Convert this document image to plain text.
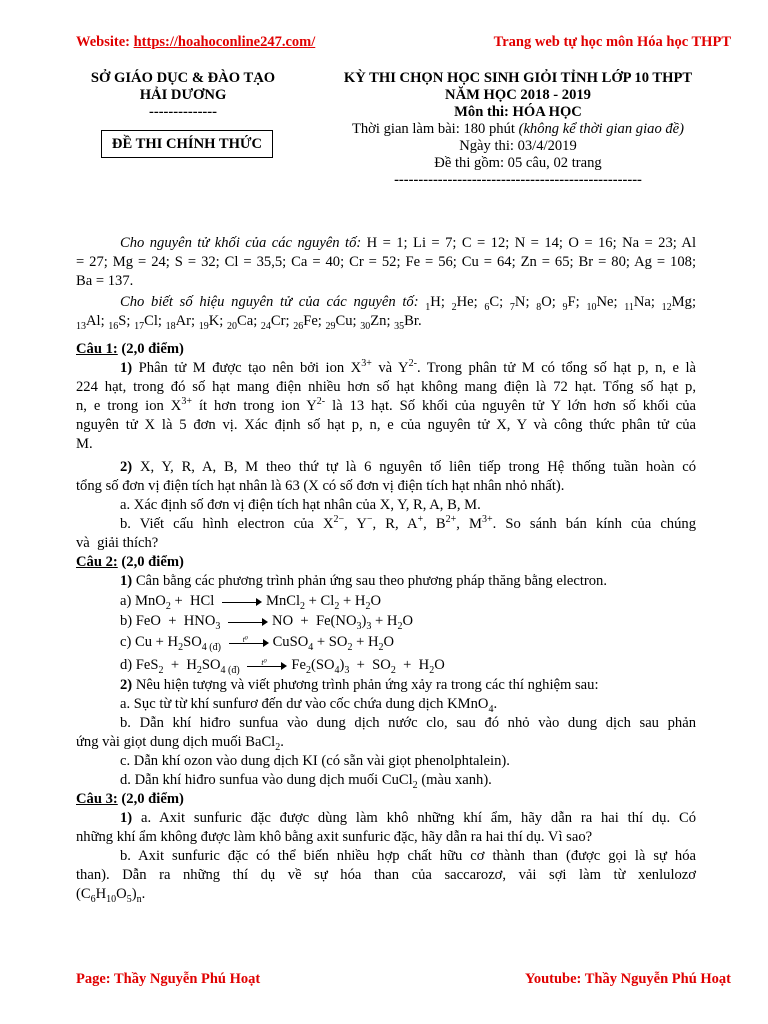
Website: https://hoahoconline247.com/	Trang web tự học môn Hóa học THPT
SỞ GIÁO DỤC & ĐÀO TẠO
HẢI DƯƠNG
--------------
ĐỀ THI CHÍNH THỨC
KỲ THI CHỌN HỌC SINH GIỎI TỈNH LỚP 10 THPT
NĂM HỌC 2018 - 2019
Môn thi: HÓA HỌC
Thời gian làm bài: 180 phút (không kể thời gian giao đề)
Ngày thi: 03/4/2019
Đề thi gồm: 05 câu, 02 trang
---------------------------------------------------
Cho nguyên tử khối của các nguyên tố: H = 1; Li = 7; C = 12; N = 14; O = 16; Na = 23; Al
= 27; Mg = 24; S = 32; Cl = 35,5; Ca = 40; Cr = 52; Fe = 56; Cu = 64; Zn = 65; Br = 80; Ag = 108;
Ba = 137.
Cho biết số hiệu nguyên tử của các nguyên tố: $_1$H; $_2$He; $_6$C; $_7$N; $_8$O; $_9$F; $_{10}$Ne; $_{11}$Na; $_{12}$Mg;
$_{13}$Al; $_{16}$S; $_{17}$Cl; $_{18}$Ar; $_{19}$K; $_{20}$Ca; $_{24}$Cr; $_{26}$Fe; $_{29}$Cu; $_{30}$Zn; $_{35}$Br.
Câu 1: (2,0 điểm)
1) Phân tử M được tạo nên bởi ion $X^{3+}$ và $Y^{2-}$. Trong phân tử M có tổng số hạt p, n, e là
224 hạt, trong đó số hạt mang điện nhiều hơn số hạt không mang điện là 72 hạt. Tổng số hạt p,
n, e trong ion $X^{3+}$ ít hơn trong ion $Y^{2-}$ là 13 hạt. Số khối của nguyên tử Y lớn hơn số khối của
nguyên tử X là 5 đơn vị. Xác định số hạt p, n, e của nguyên tử X, Y và công thức phân tử của
M.
2) X, Y, R, A, B, M theo thứ tự là 6 nguyên tố liên tiếp trong Hệ thống tuần hoàn có
tổng số đơn vị điện tích hạt nhân là 63 (X có số đơn vị điện tích hạt nhân nhỏ nhất).
a. Xác định số đơn vị điện tích hạt nhân của X, Y, R, A, B, M.
b. Viết cấu hình electron của $X^{2-}$, Y−, R, A+, $B^{2+}$, $M^{3+}$. So sánh bán kính của chúng
và  giải thích?
Câu 2: (2,0 điểm)
1) Cân bằng các phương trình phản ứng sau theo phương pháp thăng bằng electron.
a) MnO$_2$ +  HCl	MnCl$_2$ + $Cl_2 + H_2O$
b) FeO  +  $HNO_3$	NO  +  $Fe(NO_3)_3 + H_2O$
c) $Cu + H_2SO_{4 (đ)}$
t⁰ CuSO$_4$ + $SO_2 + H_2O$
d) $FeS_2 + H_2SO_{4 (đ)}$
t⁰ $Fe_2(SO_4)_3 + SO_2 + H_2O$
2) Nêu hiện tượng và viết phương trình phản ứng xảy ra trong các thí nghiệm sau:
a. Sục từ từ khí sunfurơ đến dư vào cốc chứa dung dịch KMnO$_4$.
b. Dẫn khí hiđro sunfua vào dung dịch nước clo, sau đó nhỏ vào dung dịch sau phản
ứng vài giọt dung dịch muối BaCl$_2$.
c. Dẫn khí ozon vào dung dịch KI (có sẵn vài giọt phenolphtalein).
d. Dẫn khí hiđro sunfua vào dung dịch muối CuCl$_2$ (màu xanh).
Câu 3: (2,0 điểm)
1) a. Axit sunfuric đặc được dùng làm khô những khí ẩm, hãy dẫn ra hai thí dụ. Có
những khí ẩm không được làm khô bằng axit sunfuric đặc, hãy dẫn ra hai thí dụ. Vì sao?
b. Axit sunfuric đặc có thể biến nhiều hợp chất hữu cơ thành than (được gọi là sự hóa
than). Dẫn ra những thí dụ về sự hóa than của saccarozơ, vải sợi làm từ xenlulozơ
$(C_6H_{10}O_5)_n$.
Page: Thầy Nguyễn Phú Hoạt	Youtube: Thầy Nguyễn Phú Hoạt
